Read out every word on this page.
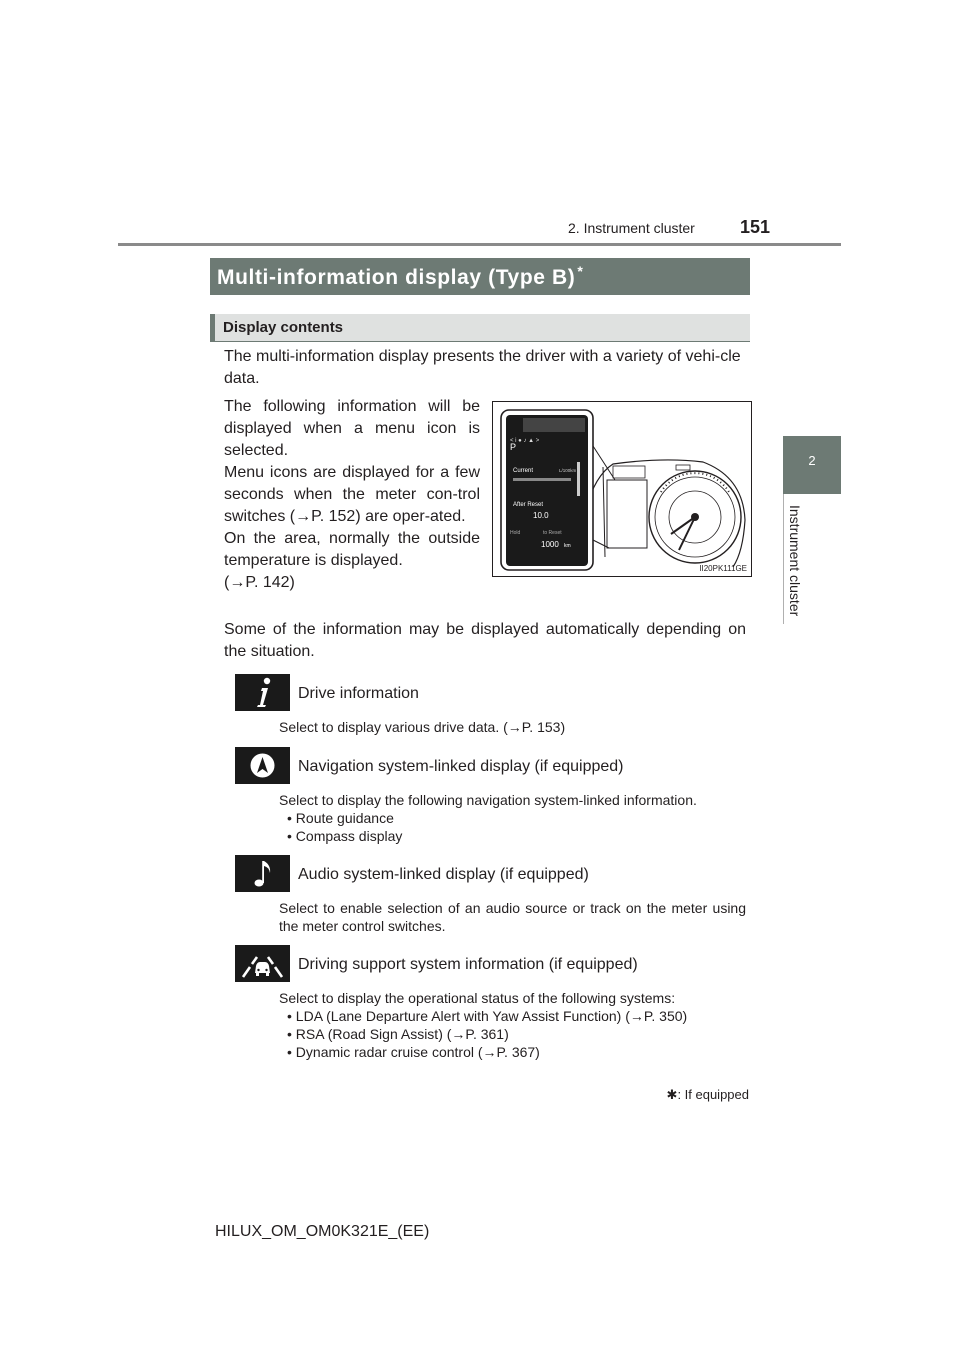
2. Instrument cluster	151
2
Instrument cluster
Multi-information display (Type B) *
Display contents
The multi-information display presents the driver with a variety of vehi-cle data.
The following information will be displayed when a menu icon is selected.
Menu icons are displayed for a few seconds when the meter con-trol switches (→P. 152) are oper-ated.
On the area, normally the outside temperature is displayed.
(→P. 142)
Some of the information may be displayed automatically depending on the situation.
< i ● ♪ ▲ >
Current	L/100km
After Reset
10.0
Hold	to Reset
1000 km
P
II20PK111GE
Drive information
Select to display various drive data. (→P. 153)
Navigation system-linked display (if equipped)
Select to display the following navigation system-linked information.
• Route guidance
• Compass display
Audio system-linked display (if equipped)
Select to enable selection of an audio source or track on the meter using the meter control switches.
Driving support system information (if equipped)
Select to display the operational status of the following systems:
• LDA (Lane Departure Alert with Yaw Assist Function) (→P. 350)
• RSA (Road Sign Assist) (→P. 361)
• Dynamic radar cruise control (→P. 367)
✱: If equipped
HILUX_OM_OM0K321E_(EE)
